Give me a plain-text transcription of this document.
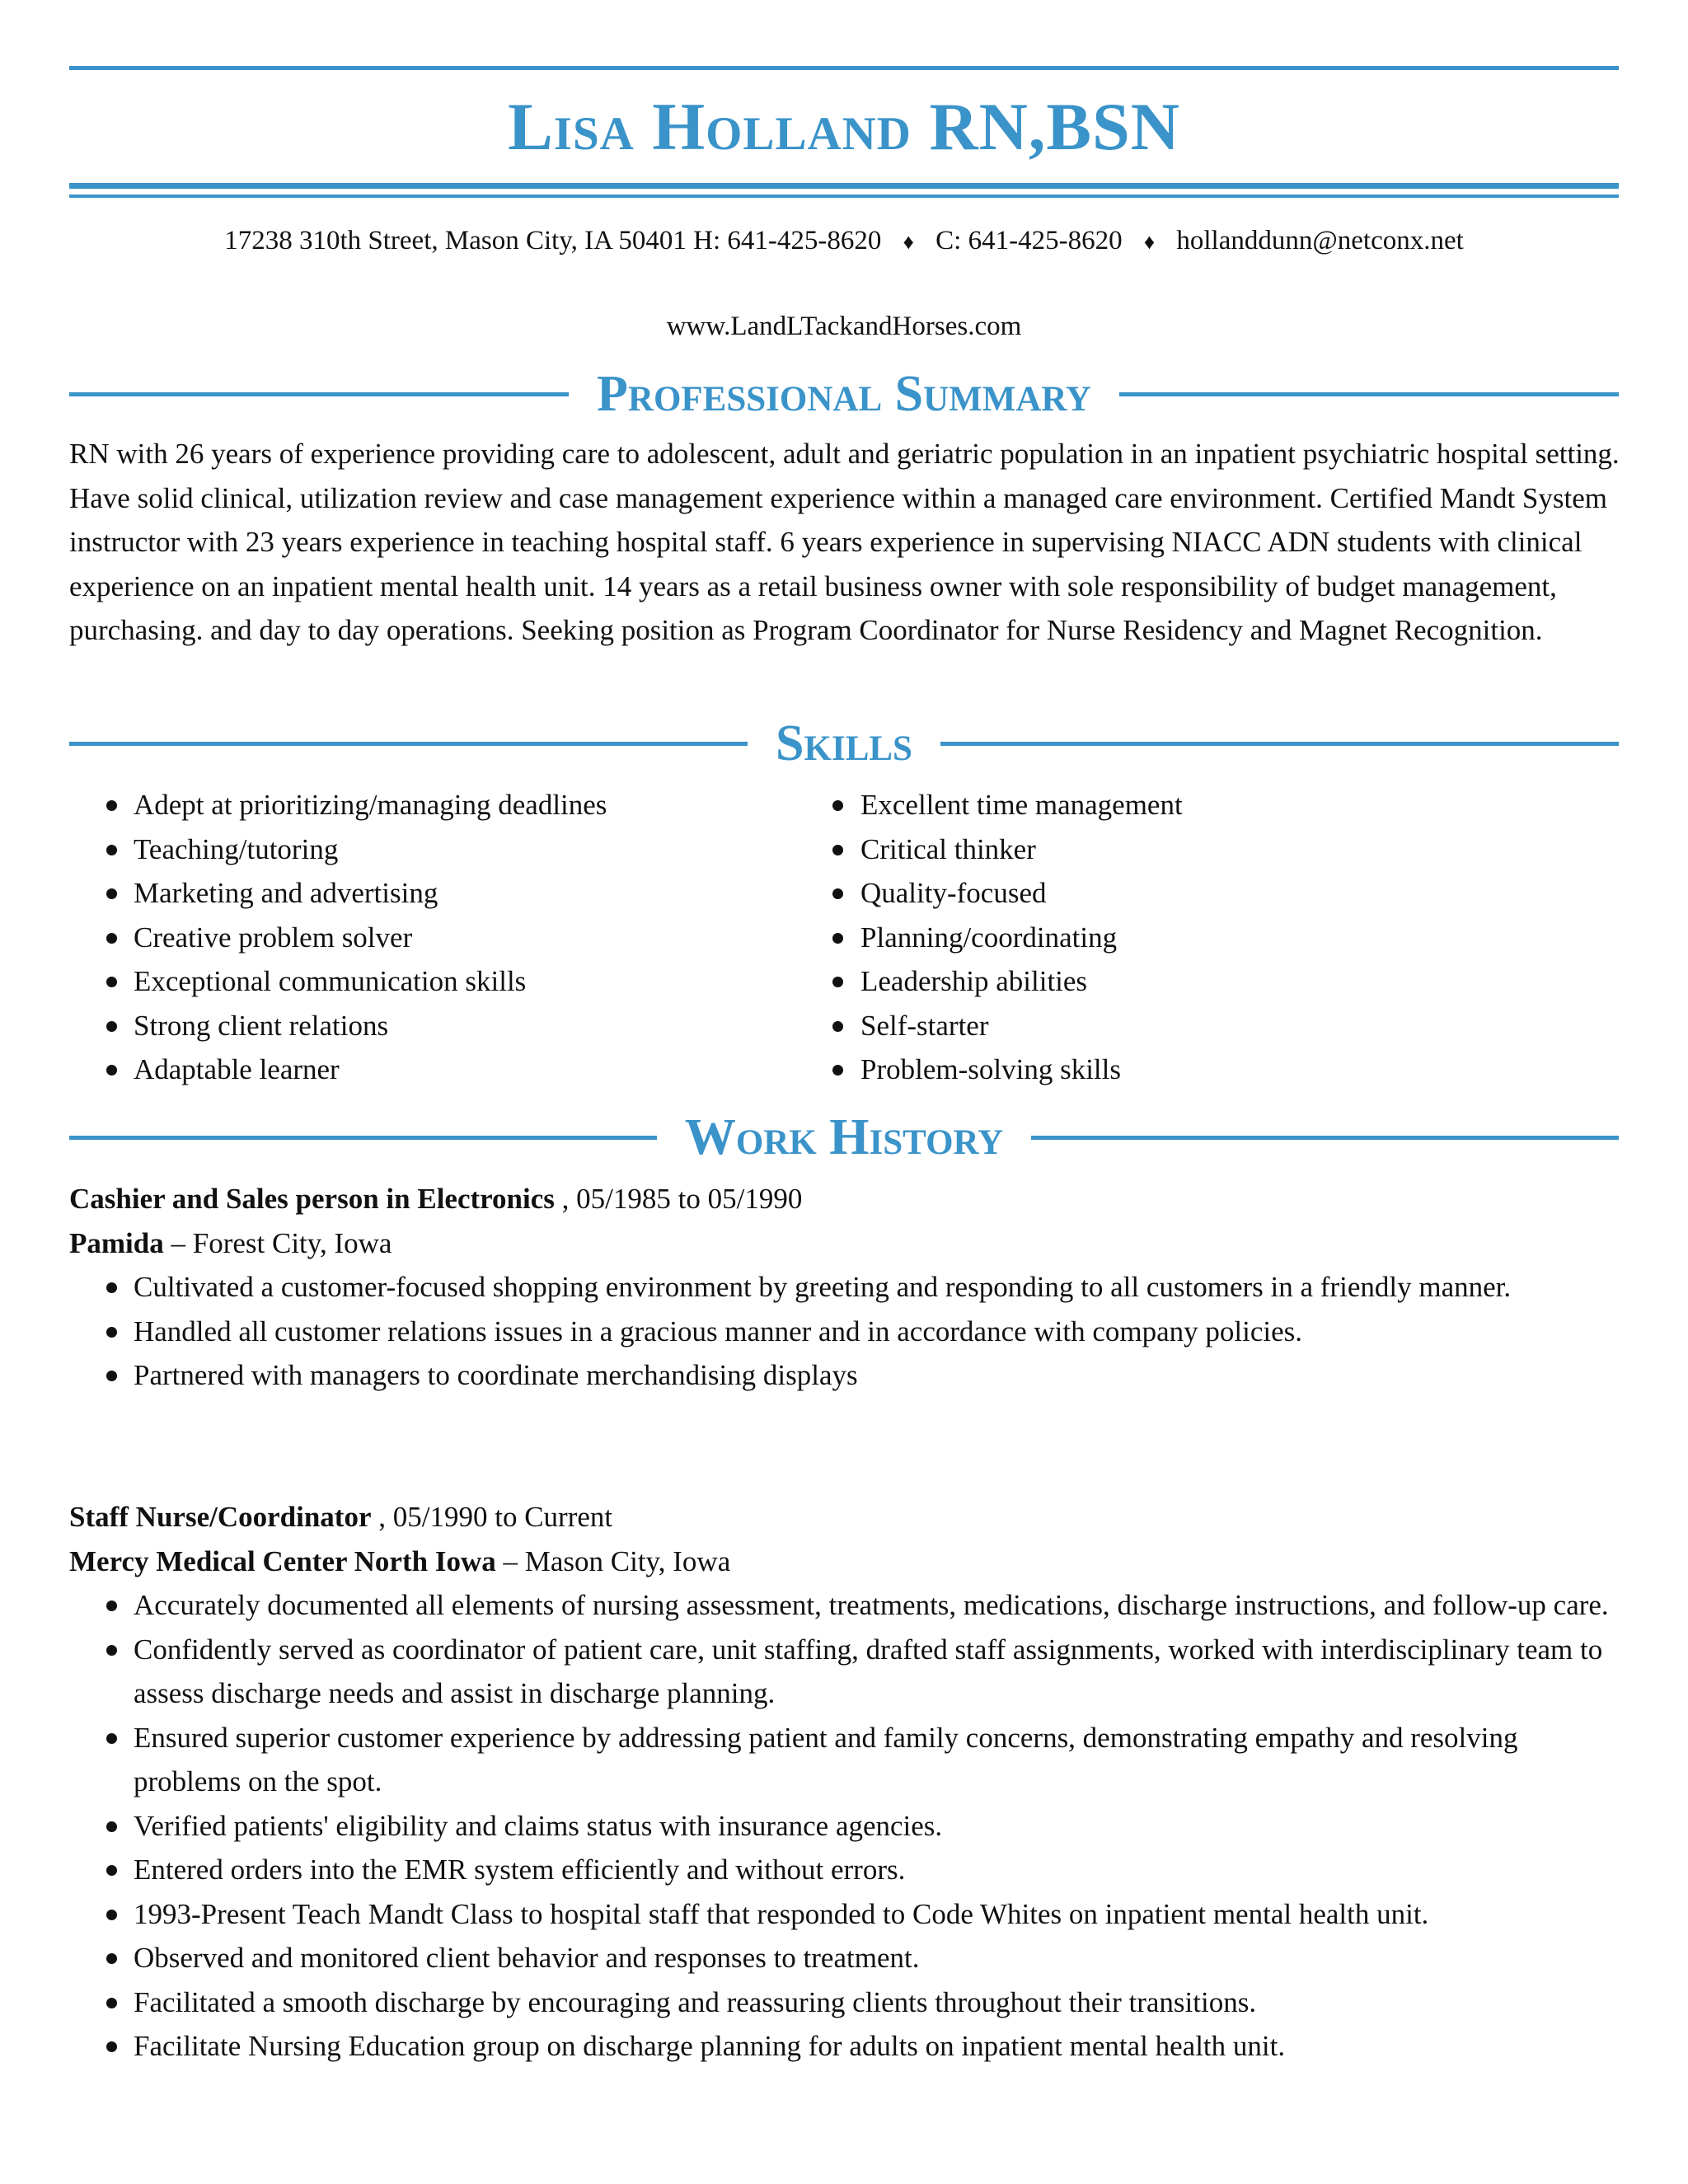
Lisa Holland RN,BSN
17238 310th Street, Mason City, IA 50401 H: 641-425-8620 ♦ C: 641-425-8620 ♦ hollanddunn@netconx.net
www.LandLTackandHorses.com
Professional Summary
RN with 26 years of experience providing care to adolescent, adult and geriatric population in an inpatient psychiatric hospital setting. Have solid clinical, utilization review and case management experience within a managed care environment. Certified Mandt System instructor with 23 years experience in teaching hospital staff. 6 years experience in supervising NIACC ADN students with clinical experience on an inpatient mental health unit. 14 years as a retail business owner with sole responsibility of budget management, purchasing. and day to day operations. Seeking position as Program Coordinator for Nurse Residency and Magnet Recognition.
Skills
Adept at prioritizing/managing deadlines
Teaching/tutoring
Marketing and advertising
Creative problem solver
Exceptional communication skills
Strong client relations
Adaptable learner
Excellent time management
Critical thinker
Quality-focused
Planning/coordinating
Leadership abilities
Self-starter
Problem-solving skills
Work History
Cashier and Sales person in Electronics , 05/1985 to 05/1990
Pamida – Forest City, Iowa
Cultivated a customer-focused shopping environment by greeting and responding to all customers in a friendly manner.
Handled all customer relations issues in a gracious manner and in accordance with company policies.
Partnered with managers to coordinate merchandising displays
Staff Nurse/Coordinator , 05/1990 to Current
Mercy Medical Center North Iowa – Mason City, Iowa
Accurately documented all elements of nursing assessment, treatments, medications, discharge instructions, and follow-up care.
Confidently served as coordinator of patient care, unit staffing, drafted staff assignments, worked with interdisciplinary team to assess discharge needs and assist in discharge planning.
Ensured superior customer experience by addressing patient and family concerns, demonstrating empathy and resolving problems on the spot.
Verified patients' eligibility and claims status with insurance agencies.
Entered orders into the EMR system efficiently and without errors.
1993-Present Teach Mandt Class to hospital staff that responded to Code Whites on inpatient mental health unit.
Observed and monitored client behavior and responses to treatment.
Facilitated a smooth discharge by encouraging and reassuring clients throughout their transitions.
Facilitate Nursing Education group on discharge planning for adults on inpatient mental health unit.
